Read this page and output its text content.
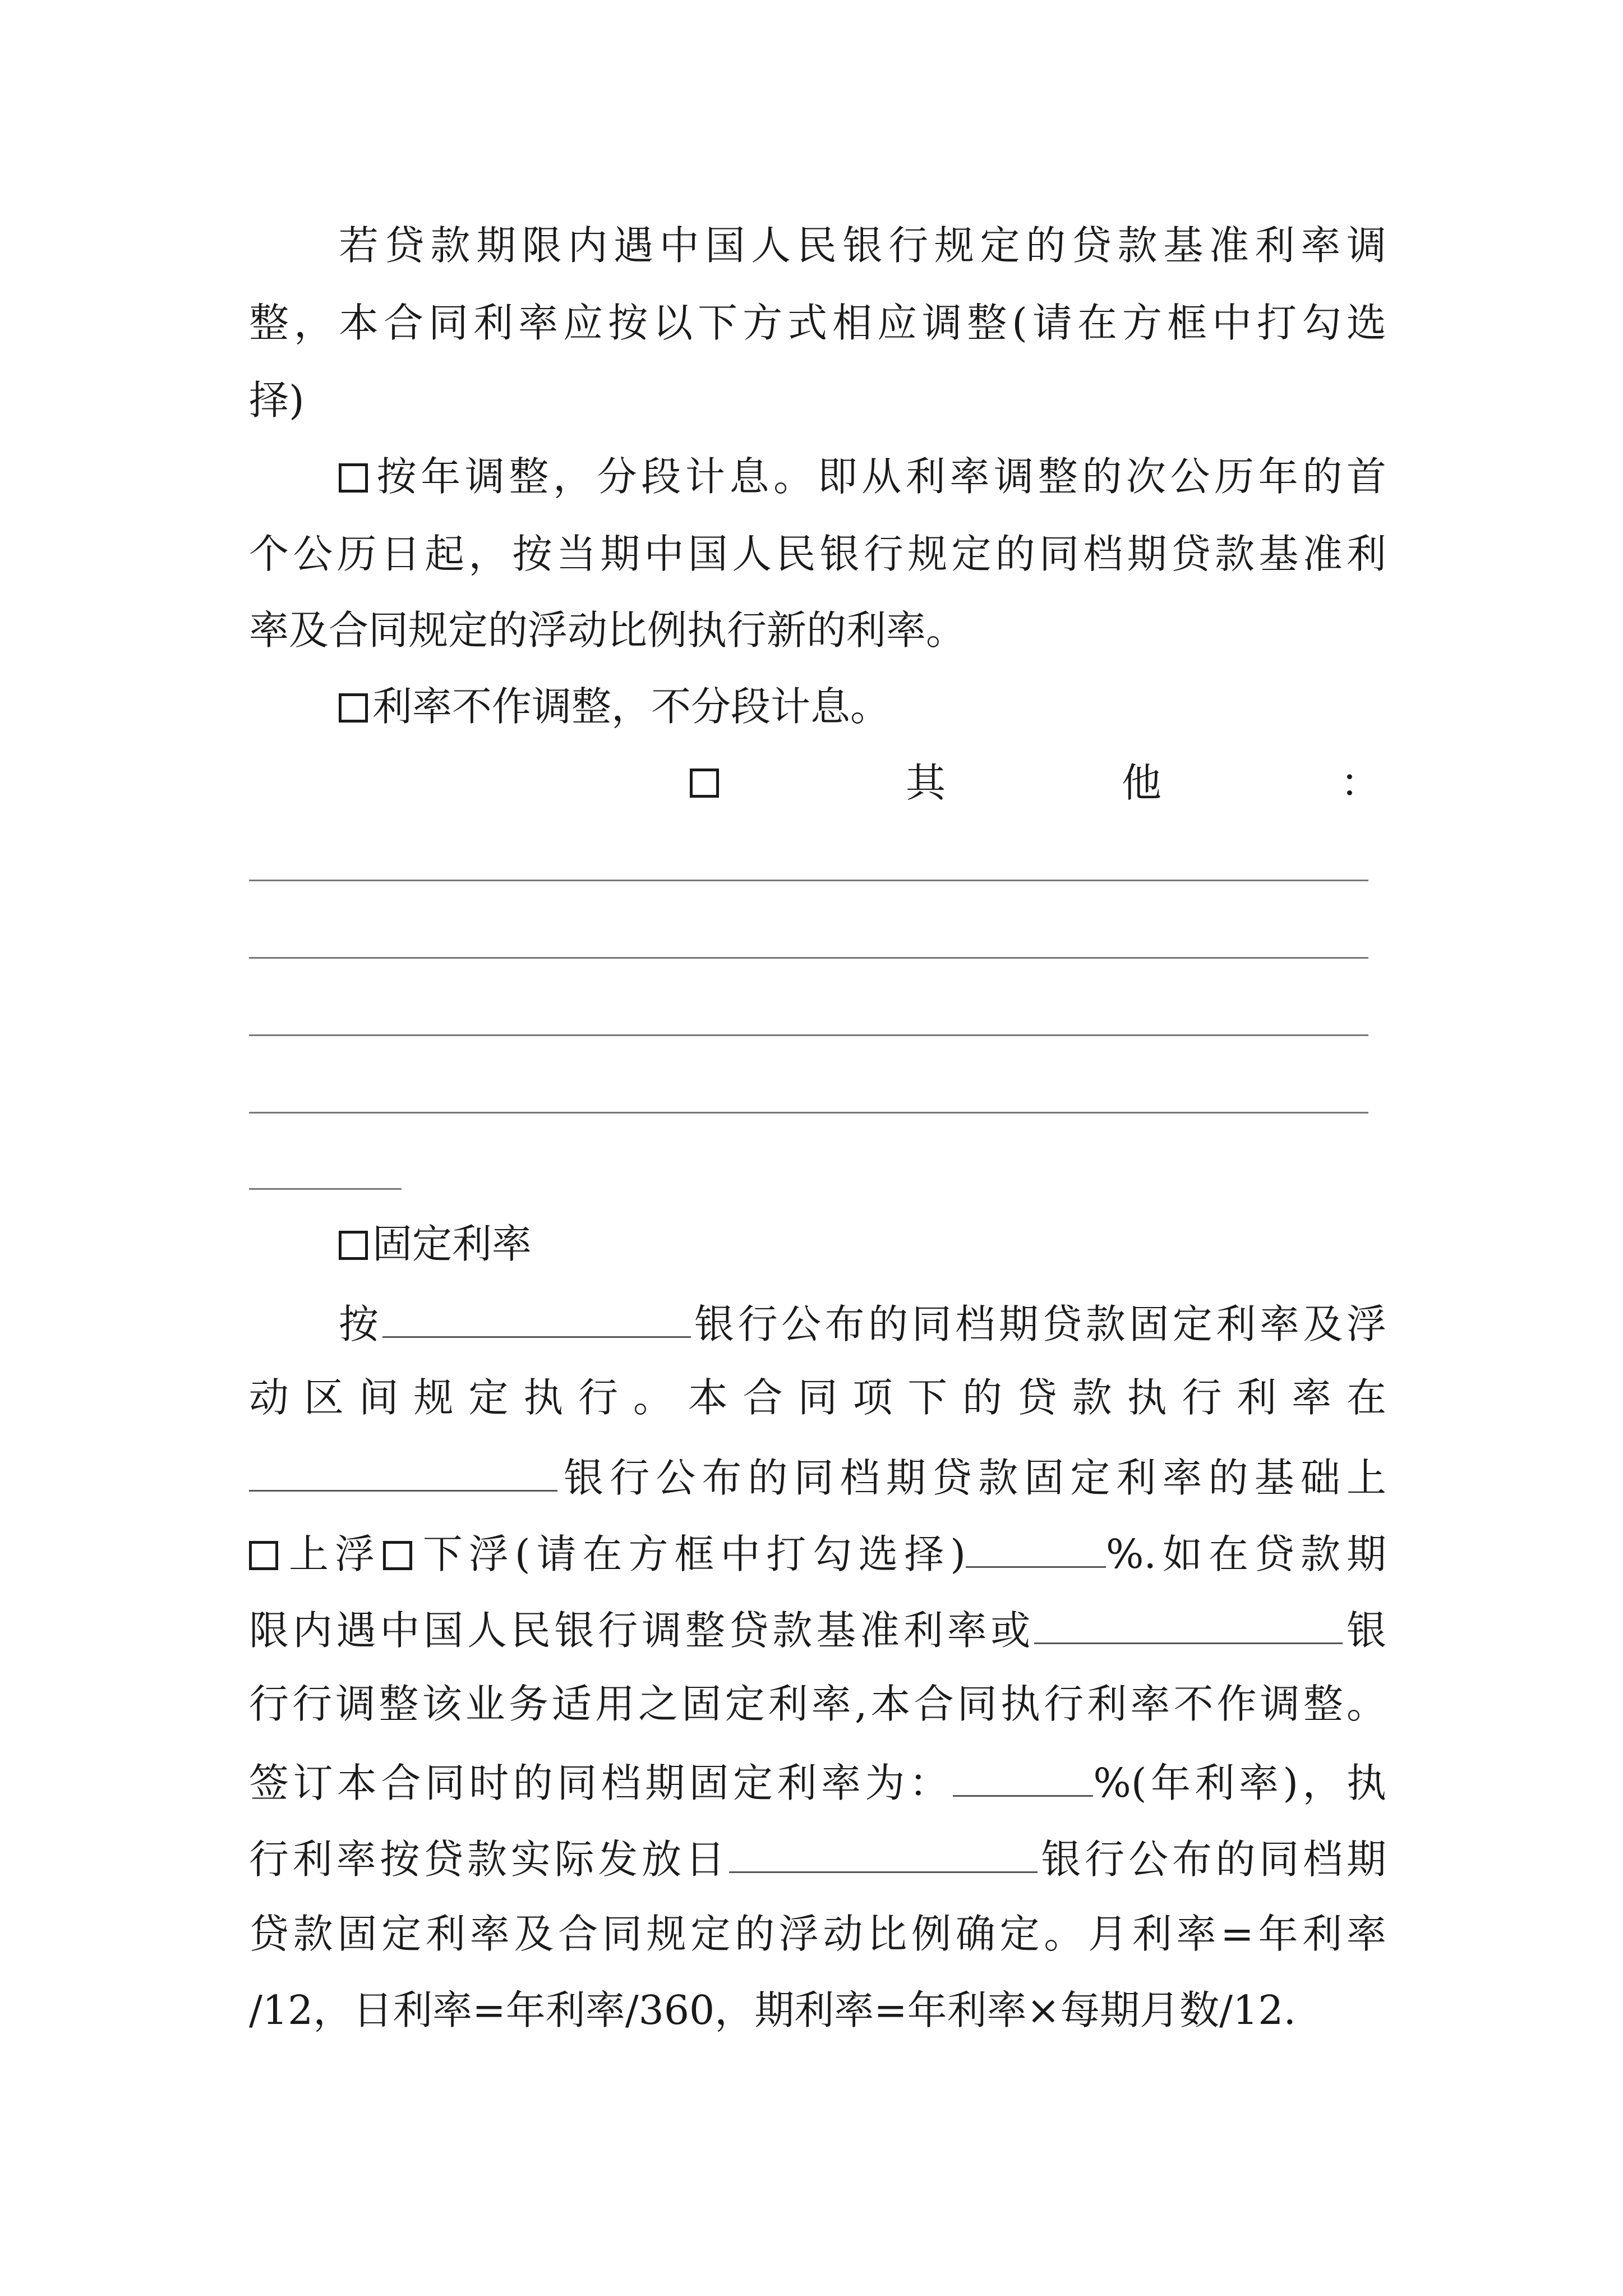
若贷款期限内遇中国人民银行规定的贷款基准利率调
整，本合同利率应按以下方式相应调整(请在方框中打勾选
择)
按年调整，分段计息。即从利率调整的次公历年的首
个公历日起，按当期中国人民银行规定的同档期贷款基准利
率及合同规定的浮动比例执行新的利率。
利率不作调整，不分段计息。
其	他	：
固定利率
按	银行公布的同档期贷款固定利率及浮
动区间规定执行。本合同项下的贷款执行利率在
银行公布的同档期贷款固定利率的基础上
上浮 下浮(请在方框中打勾选择)	%.如在贷款期
限内遇中国人民银行调整贷款基准利率或	银
行行调整该业务适用之固定利率,本合同执行利率不作调整。
签订本合同时的同档期固定利率为：	%(年利率)，执
行利率按贷款实际发放日	银行公布的同档期
贷款固定利率及合同规定的浮动比例确定。月利率=年利率
/12，日利率=年利率/360，期利率=年利率×每期月数/12.
